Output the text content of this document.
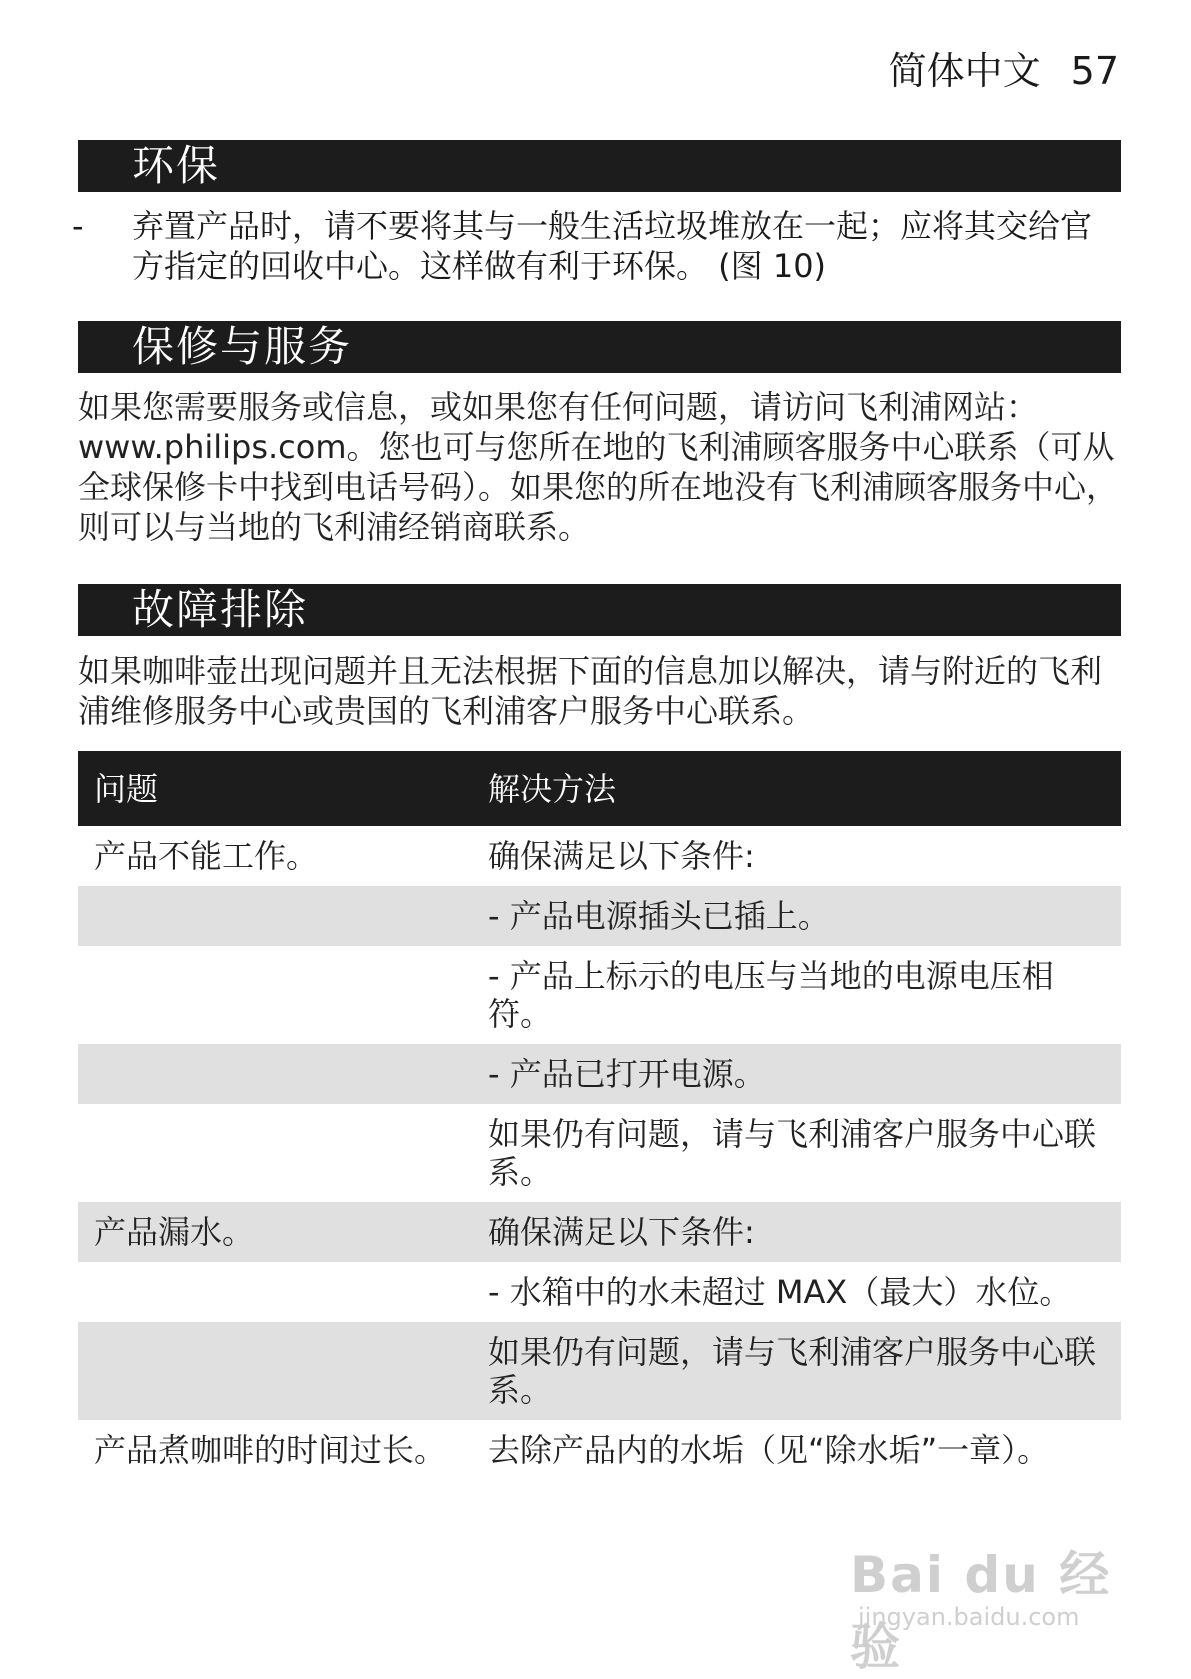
简体中文 57
环保
- 弃置产品时，请不要将其与一般生活垃圾堆放在一起；应将其交给官方指定的回收中心。这样做有利于环保。 (图 10)
保修与服务

如果您需要服务或信息，或如果您有任何问题，请访问飞利浦网站：www.philips.com。您也可与您所在地的飞利浦顾客服务中心联系（可从全球保修卡中找到电话号码）。如果您的所在地没有飞利浦顾客服务中心，则可以与当地的飞利浦经销商联系。

故障排除

如果咖啡壶出现问题并且无法根据下面的信息加以解决，请与附近的飞利浦维修服务中心或贵国的飞利浦客户服务中心联系。

问题	解决方法
产品不能工作。	确保满足以下条件:
	- 产品电源插头已插上。
	- 产品上标示的电压与当地的电源电压相符。
	- 产品已打开电源。
	如果仍有问题，请与飞利浦客户服务中心联系。
产品漏水。	确保满足以下条件:
	- 水箱中的水未超过 MAX（最大）水位。
	如果仍有问题，请与飞利浦客户服务中心联系。
产品煮咖啡的时间过长。	去除产品内的水垢（见“除水垢”一章）。
Bai du 经验
jingyan.baidu.com
